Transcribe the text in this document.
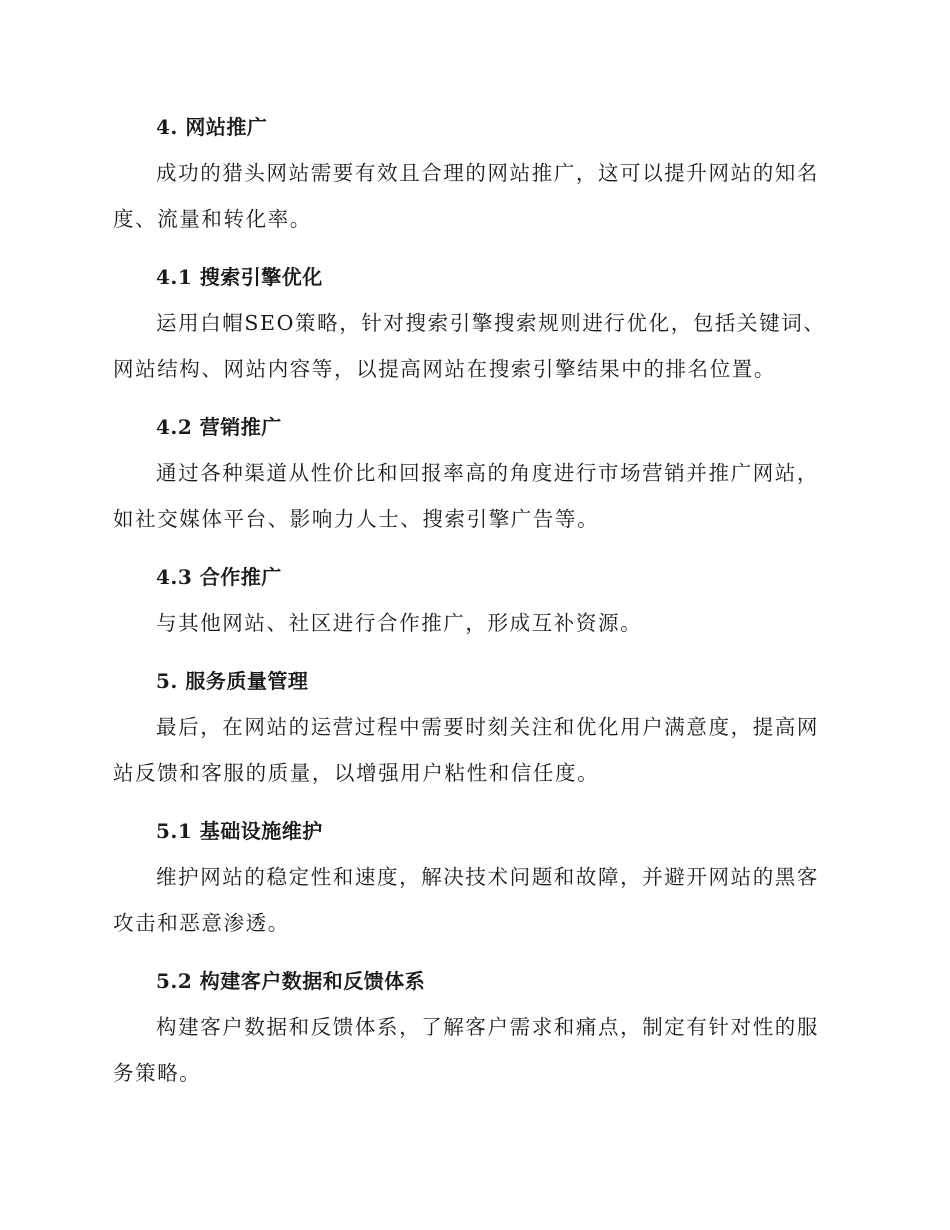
4. 网站推广

成功的猎头网站需要有效且合理的网站推广，这可以提升网站的知名度、流量和转化率。

4.1 搜索引擎优化

运用白帽SEO策略，针对搜索引擎搜索规则进行优化，包括关键词、网站结构、网站内容等，以提高网站在搜索引擎结果中的排名位置。

4.2 营销推广

通过各种渠道从性价比和回报率高的角度进行市场营销并推广网站，如社交媒体平台、影响力人士、搜索引擎广告等。

4.3 合作推广

与其他网站、社区进行合作推广，形成互补资源。

5. 服务质量管理

最后，在网站的运营过程中需要时刻关注和优化用户满意度，提高网站反馈和客服的质量，以增强用户粘性和信任度。

5.1 基础设施维护

维护网站的稳定性和速度，解决技术问题和故障，并避开网站的黑客攻击和恶意渗透。

5.2 构建客户数据和反馈体系

构建客户数据和反馈体系，了解客户需求和痛点，制定有针对性的服务策略。
